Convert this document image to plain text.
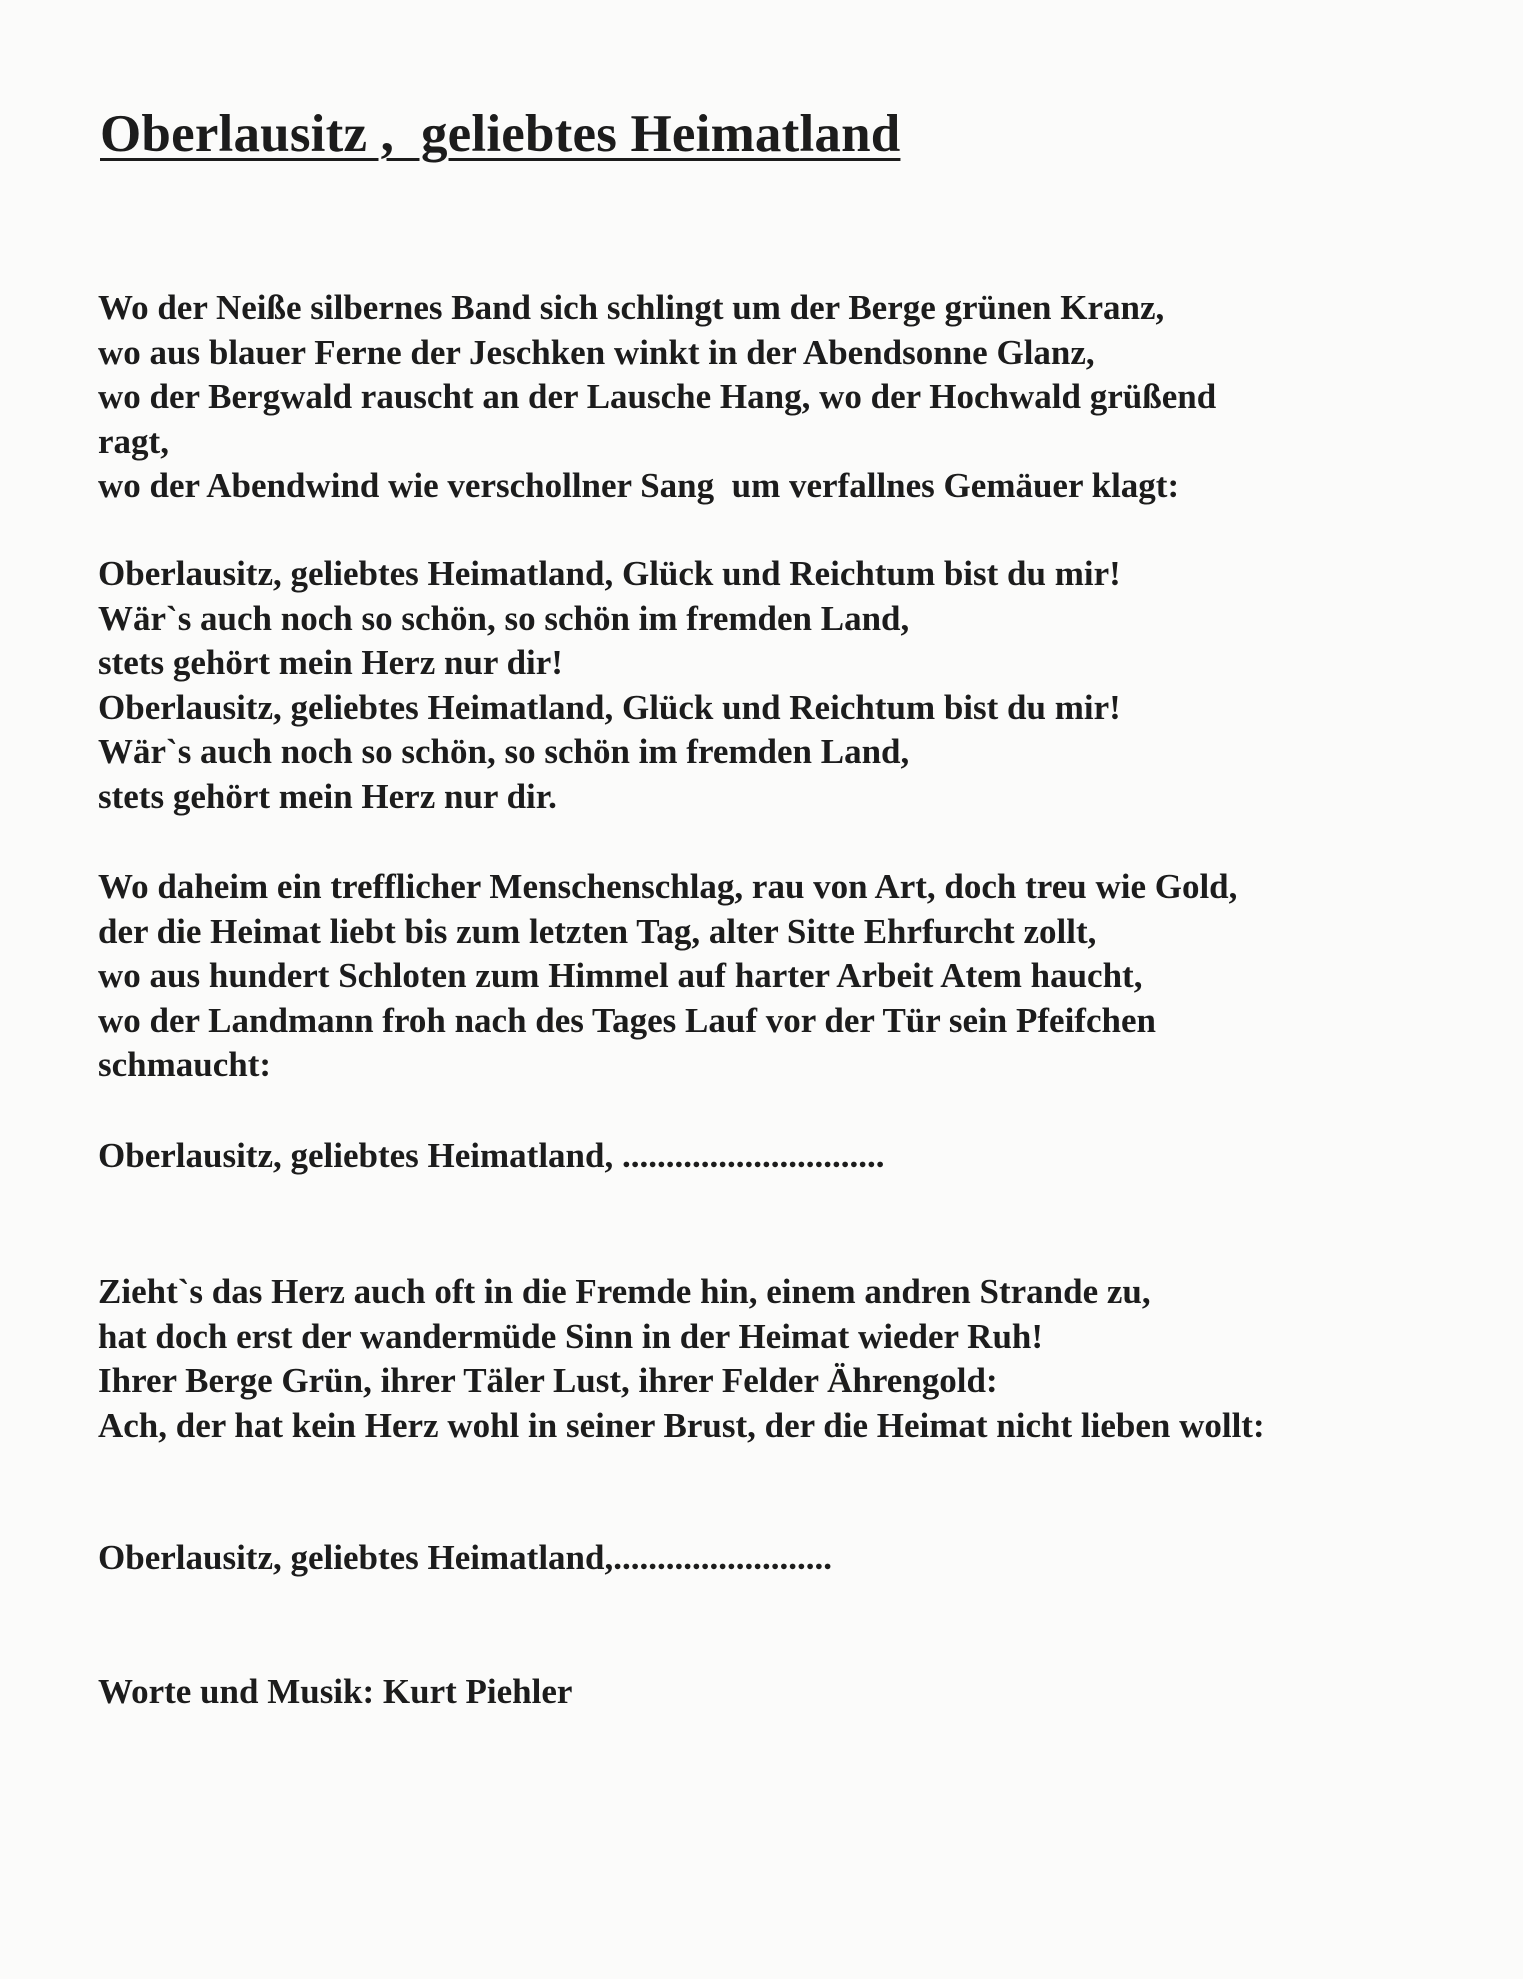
Oberlausitz ,  geliebtes Heimatland
Wo der Neiße silbernes Band sich schlingt um der Berge grünen Kranz,
wo aus blauer Ferne der Jeschken winkt in der Abendsonne Glanz,
wo der Bergwald rauscht an der Lausche Hang, wo der Hochwald grüßend
ragt,
wo der Abendwind wie verschollner Sang  um verfallnes Gemäuer klagt:
Oberlausitz, geliebtes Heimatland, Glück und Reichtum bist du mir!
Wär`s auch noch so schön, so schön im fremden Land,
stets gehört mein Herz nur dir!
Oberlausitz, geliebtes Heimatland, Glück und Reichtum bist du mir!
Wär`s auch noch so schön, so schön im fremden Land,
stets gehört mein Herz nur dir.
Wo daheim ein trefflicher Menschenschlag, rau von Art, doch treu wie Gold,
der die Heimat liebt bis zum letzten Tag, alter Sitte Ehrfurcht zollt,
wo aus hundert Schloten zum Himmel auf harter Arbeit Atem haucht,
wo der Landmann froh nach des Tages Lauf vor der Tür sein Pfeifchen
schmaucht:
Oberlausitz, geliebtes Heimatland, ..............................
Zieht`s das Herz auch oft in die Fremde hin, einem andren Strande zu,
hat doch erst der wandermüde Sinn in der Heimat wieder Ruh!
Ihrer Berge Grün, ihrer Täler Lust, ihrer Felder Ährengold:
Ach, der hat kein Herz wohl in seiner Brust, der die Heimat nicht lieben wollt:
Oberlausitz, geliebtes Heimatland,.........................
Worte und Musik: Kurt Piehler
